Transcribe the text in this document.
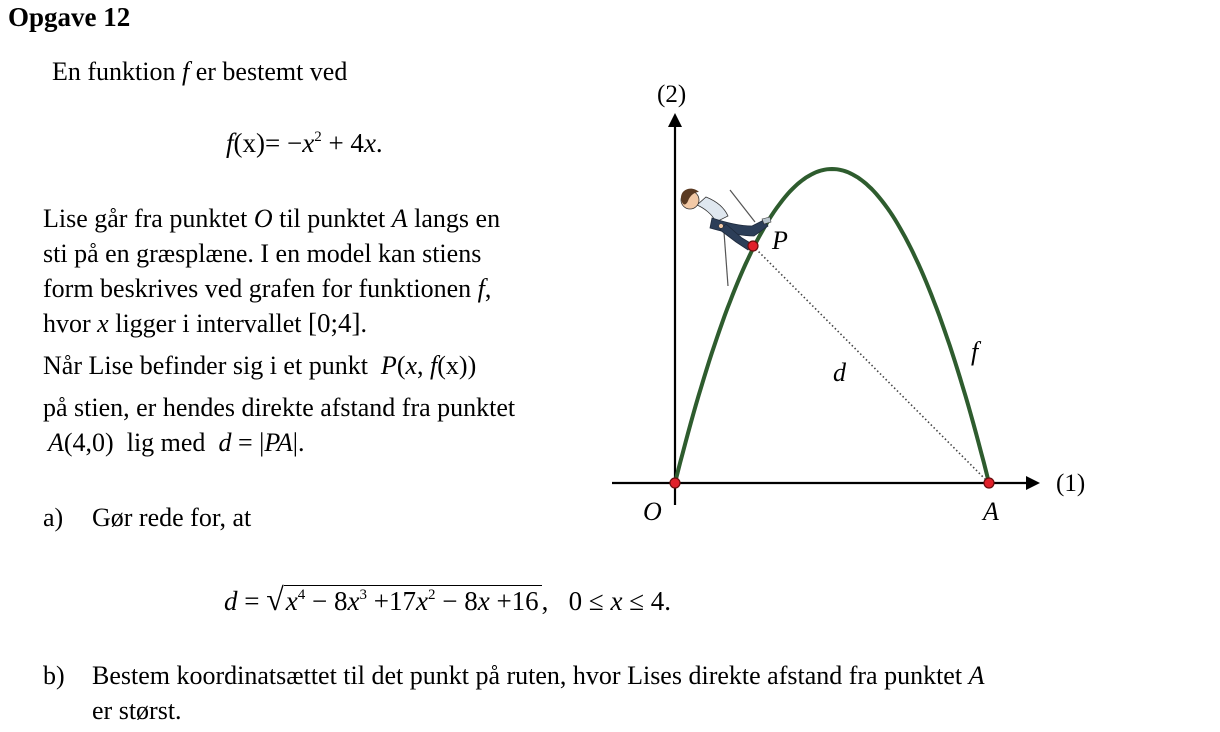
Opgave 12
En funktion f er bestemt ved
$f(x)= -x^2 + 4x$.
Lise går fra punktet O til punktet A langs en
sti på en græsplæne. I en model kan stiens
form beskrives ved grafen for funktionen f,
hvor x ligger i intervallet [0;4].
Når Lise befinder sig i et punkt P(x, f(x))
på stien, er hendes direkte afstand fra punktet
A(4,0) lig med d = |PA|.
a) Gør rede for, at
$d = √x^4 - 8x^3 +17x^2 - 8x +16$ , 0 ≤ x ≤ 4.
b) Bestem koordinatsættet til det punkt på ruten, hvor Lises direkte afstand fra punktet A
er størst.
(2)
(1)
O	A
P
f
d
